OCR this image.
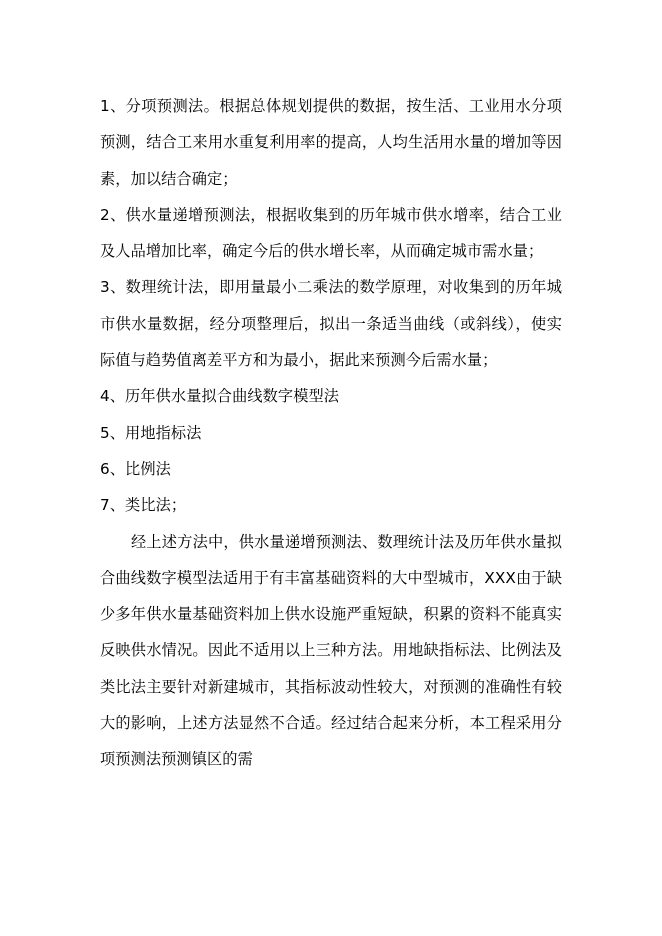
1、分项预测法。根据总体规划提供的数据，按生活、工业用水分项预测，结合工来用水重复利用率的提高，人均生活用水量的增加等因素，加以结合确定；

2、供水量递增预测法，根据收集到的历年城市供水增率，结合工业及人品增加比率，确定今后的供水增长率，从而确定城市需水量；

3、数理统计法，即用量最小二乘法的数学原理，对收集到的历年城市供水量数据，经分项整理后，拟出一条适当曲线（或斜线），使实际值与趋势值离差平方和为最小，据此来预测今后需水量；

4、历年供水量拟合曲线数字模型法

5、用地指标法

6、比例法

7、类比法；

经上述方法中，供水量递增预测法、数理统计法及历年供水量拟合曲线数字模型法适用于有丰富基础资料的大中型城市，XXX由于缺少多年供水量基础资料加上供水设施严重短缺，积累的资料不能真实反映供水情况。因此不适用以上三种方法。用地缺指标法、比例法及类比法主要针对新建城市，其指标波动性较大，对预测的准确性有较大的影响，上述方法显然不合适。经过结合起来分析，本工程采用分项预测法预测镇区的需
